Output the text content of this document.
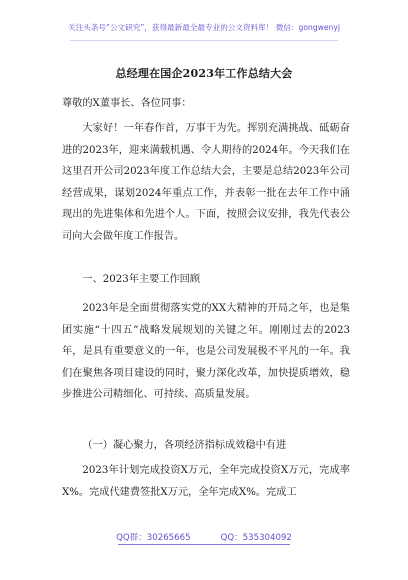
关注头条号“公文研究”，获得最新最全最专业的公文资料库！ 微信：gongwenyj
总经理在国企2023年工作总结大会
尊敬的X董事长、各位同事：

大家好！一年春作首，万事干为先。挥别充满挑战、砥砺奋进的2023年，迎来满载机遇、令人期待的2024年。今天我们在这里召开公司2023年度工作总结大会，主要是总结2023年公司经营成果，谋划2024年重点工作，并表彰一批在去年工作中涌现出的先进集体和先进个人。下面，按照会议安排，我先代表公司向大会做年度工作报告。

一、2023年主要工作回顾

2023年是全面贯彻落实党的XX大精神的开局之年，也是集团实施“十四五”战略发展规划的关键之年。刚刚过去的2023年，是具有重要意义的一年，也是公司发展极不平凡的一年。我们在聚焦各项目建设的同时，聚力深化改革，加快提质增效，稳步推进公司精细化、可持续、高质量发展。

（一）凝心聚力，各项经济指标成效稳中有进

2023年计划完成投资X万元，全年完成投资X万元，完成率X%。完成代建费签批X万元，全年完成X%。完成工

QQ群：30265665	QQ：535304092
